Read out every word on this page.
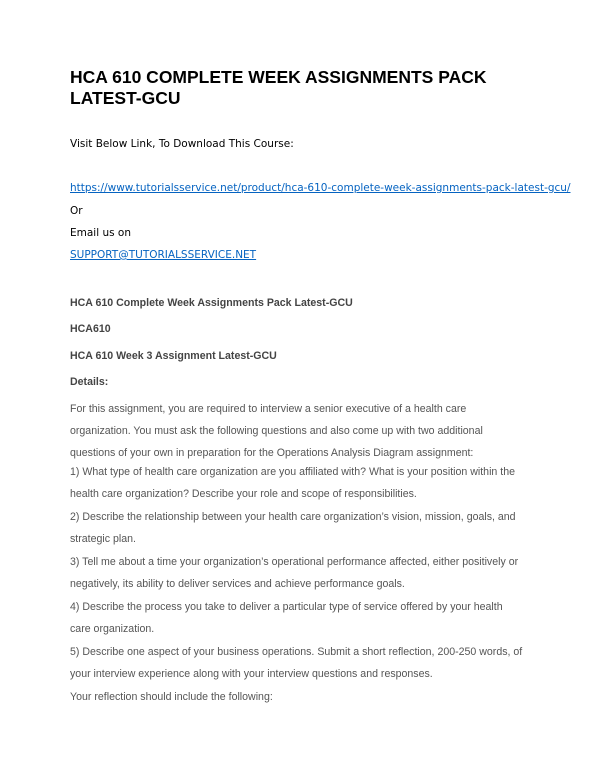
HCA 610 COMPLETE WEEK ASSIGNMENTS PACK LATEST-GCU
Visit Below Link, To Download This Course:
https://www.tutorialsservice.net/product/hca-610-complete-week-assignments-pack-latest-gcu/
Or
Email us on
SUPPORT@TUTORIALSSERVICE.NET
HCA 610 Complete Week Assignments Pack Latest-GCU
HCA610
HCA 610 Week 3 Assignment Latest-GCU
Details:
For this assignment, you are required to interview a senior executive of a health care organization. You must ask the following questions and also come up with two additional questions of your own in preparation for the Operations Analysis Diagram assignment:
1) What type of health care organization are you affiliated with? What is your position within the health care organization? Describe your role and scope of responsibilities.
2) Describe the relationship between your health care organization’s vision, mission, goals, and strategic plan.
3) Tell me about a time your organization’s operational performance affected, either positively or negatively, its ability to deliver services and achieve performance goals.
4) Describe the process you take to deliver a particular type of service offered by your health care organization.
5) Describe one aspect of your business operations. Submit a short reflection, 200-250 words, of your interview experience along with your interview questions and responses.
Your reflection should include the following:
